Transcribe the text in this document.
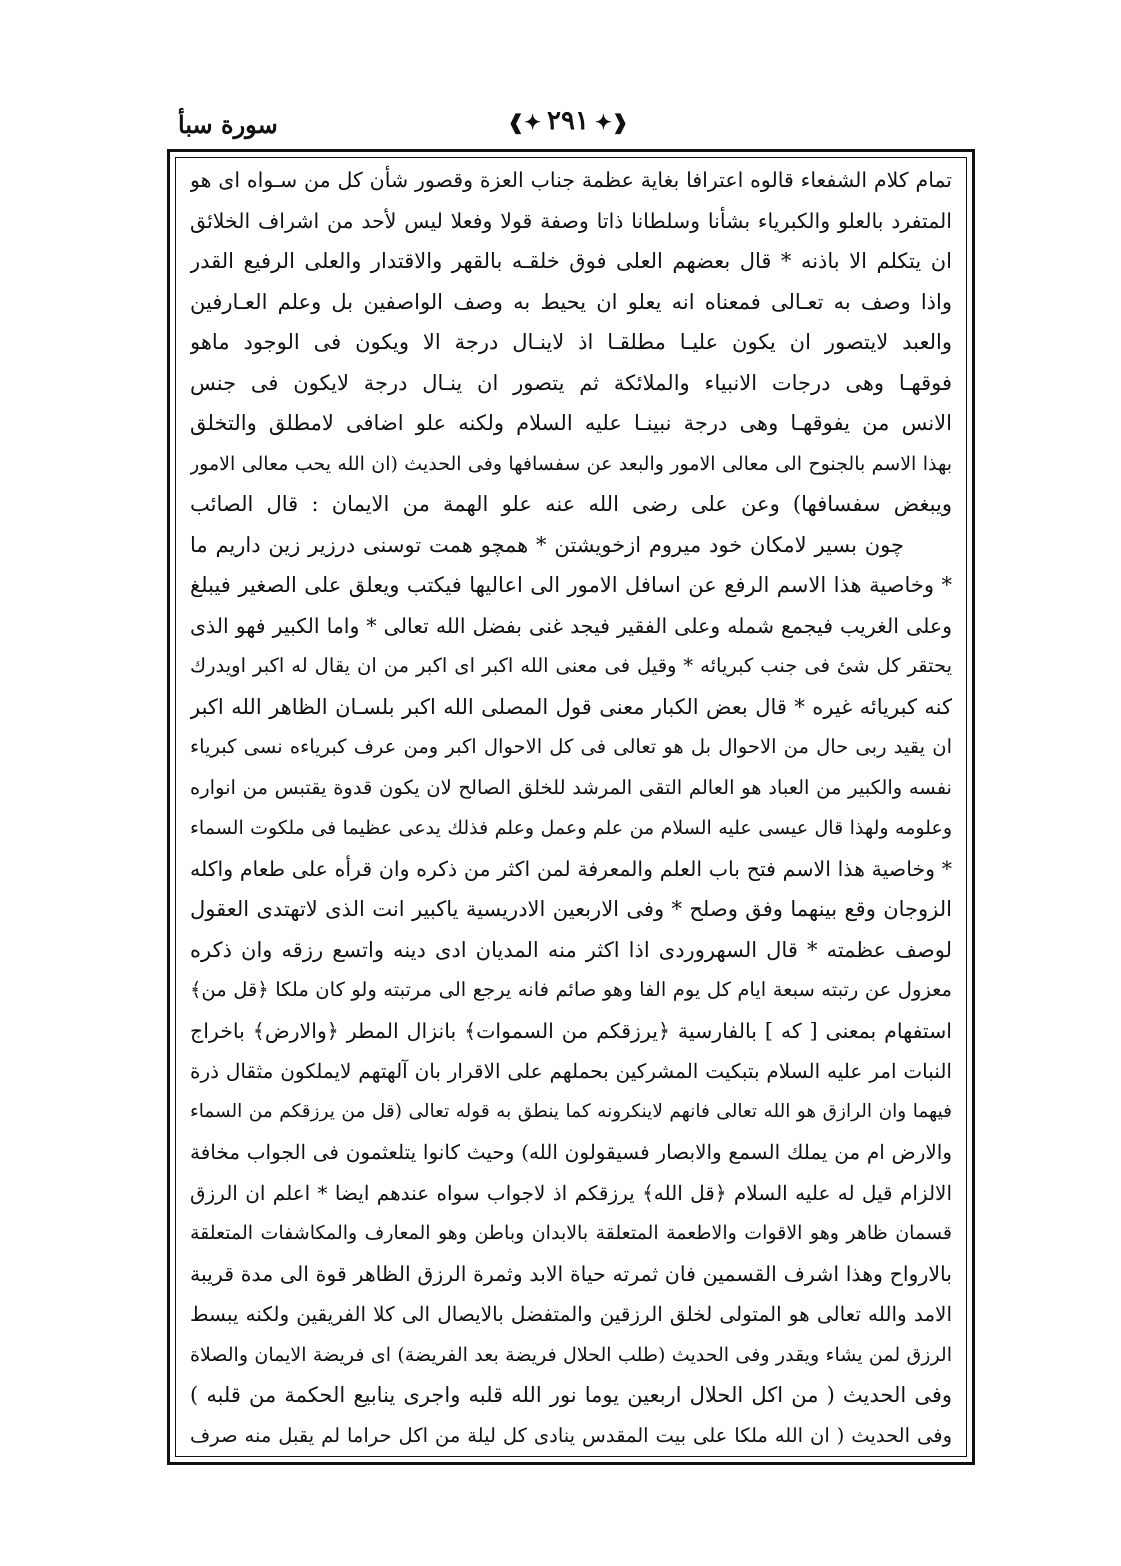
سورة سبأ	❰✦ ٢٩١ ✦❱
تمام كلام الشفعاء قالوه اعترافا بغاية عظمة جناب العزة وقصور شأن كل من سـواه اى هو
المتفرد بالعلو والكبرياء بشأنا وسلطانا ذاتا وصفة قولا وفعلا ليس لأحد من اشراف الخلائق
ان يتكلم الا باذنه * قال بعضهم العلى فوق خلقـه بالقهر والاقتدار والعلى الرفيع القدر
واذا وصف به تعـالى فمعناه انه يعلو ان يحيط به وصف الواصفين بل وعلم العـارفين
والعبد لايتصور ان يكون عليـا مطلقـا اذ لاينـال درجة الا ويكون فى الوجود ماهو
فوقهـا وهى درجات الانبياء والملائكة ثم يتصور ان ينـال درجة لايكون فى جنس
الانس من يفوقهـا وهى درجة نبينـا عليه السلام ولكنه علو اضافى لامطلق والتخلق
بهذا الاسم بالجنوح الى معالى الامور والبعد عن سفسافها وفى الحديث (ان الله يحب معالى الامور
ويبغض سفسافها) وعن على رضى الله عنه علو الهمة من الايمان : قال الصائب
چون بسير لامكان خود ميروم ازخويشتن * همچو همت توسنى درزير زين داريم ما
* وخاصية هذا الاسم الرفع عن اسافل الامور الى اعاليها فيكتب ويعلق على الصغير فيبلغ
وعلى الغريب فيجمع شمله وعلى الفقير فيجد غنى بفضل الله تعالى * واما الكبير فهو الذى
يحتقر كل شئ فى جنب كبريائه * وقيل فى معنى الله اكبر اى اكبر من ان يقال له اكبر اويدرك
كنه كبريائه غيره * قال بعض الكبار معنى قول المصلى الله اكبر بلسـان الظاهر الله اكبر
ان يقيد ربى حال من الاحوال بل هو تعالى فى كل الاحوال اكبر ومن عرف كبرياءه نسى كبرياء
نفسه والكبير من العباد هو العالم التقى المرشد للخلق الصالح لان يكون قدوة يقتبس من انواره
وعلومه ولهذا قال عيسى عليه السلام من علم وعمل وعلم فذلك يدعى عظيما فى ملكوت السماء
* وخاصية هذا الاسم فتح باب العلم والمعرفة لمن اكثر من ذكره وان قرأه على طعام واكله
الزوجان وقع بينهما وفق وصلح * وفى الاربعين الادريسية ياكبير انت الذى لاتهتدى العقول
لوصف عظمته * قال السهروردى اذا اكثر منه المديان ادى دينه واتسع رزقه وان ذكره
معزول عن رتبته سبعة ايام كل يوم الفا وهو صائم فانه يرجع الى مرتبته ولو كان ملكا ﴿قل من﴾
استفهام بمعنى [ كه ] بالفارسية ﴿يرزقكم من السموات﴾ بانزال المطر ﴿والارض﴾ باخراج
النبات امر عليه السلام بتبكيت المشركين بحملهم على الاقرار بان آلهتهم لايملكون مثقال ذرة
فيهما وان الرازق هو الله تعالى فانهم لاينكرونه كما ينطق به قوله تعالى (قل من يرزقكم من السماء
والارض ام من يملك السمع والابصار فسيقولون الله) وحيث كانوا يتلعثمون فى الجواب مخافة
الالزام قيل له عليه السلام ﴿قل الله﴾ يرزقكم اذ لاجواب سواه عندهم ايضا * اعلم ان الرزق
قسمان ظاهر وهو الاقوات والاطعمة المتعلقة بالابدان وباطن وهو المعارف والمكاشفات المتعلقة
بالارواح وهذا اشرف القسمين فان ثمرته حياة الابد وثمرة الرزق الظاهر قوة الى مدة قريبة
الامد والله تعالى هو المتولى لخلق الرزقين والمتفضل بالايصال الى كلا الفريقين ولكنه يبسط
الرزق لمن يشاء ويقدر وفى الحديث (طلب الحلال فريضة بعد الفريضة) اى فريضة الايمان والصلاة
وفى الحديث ( من اكل الحلال اربعين يوما نور الله قلبه واجرى ينابيع الحكمة من قلبه )
وفى الحديث ( ان الله ملكا على بيت المقدس ينادى كل ليلة من اكل حراما لم يقبل منه صرف
